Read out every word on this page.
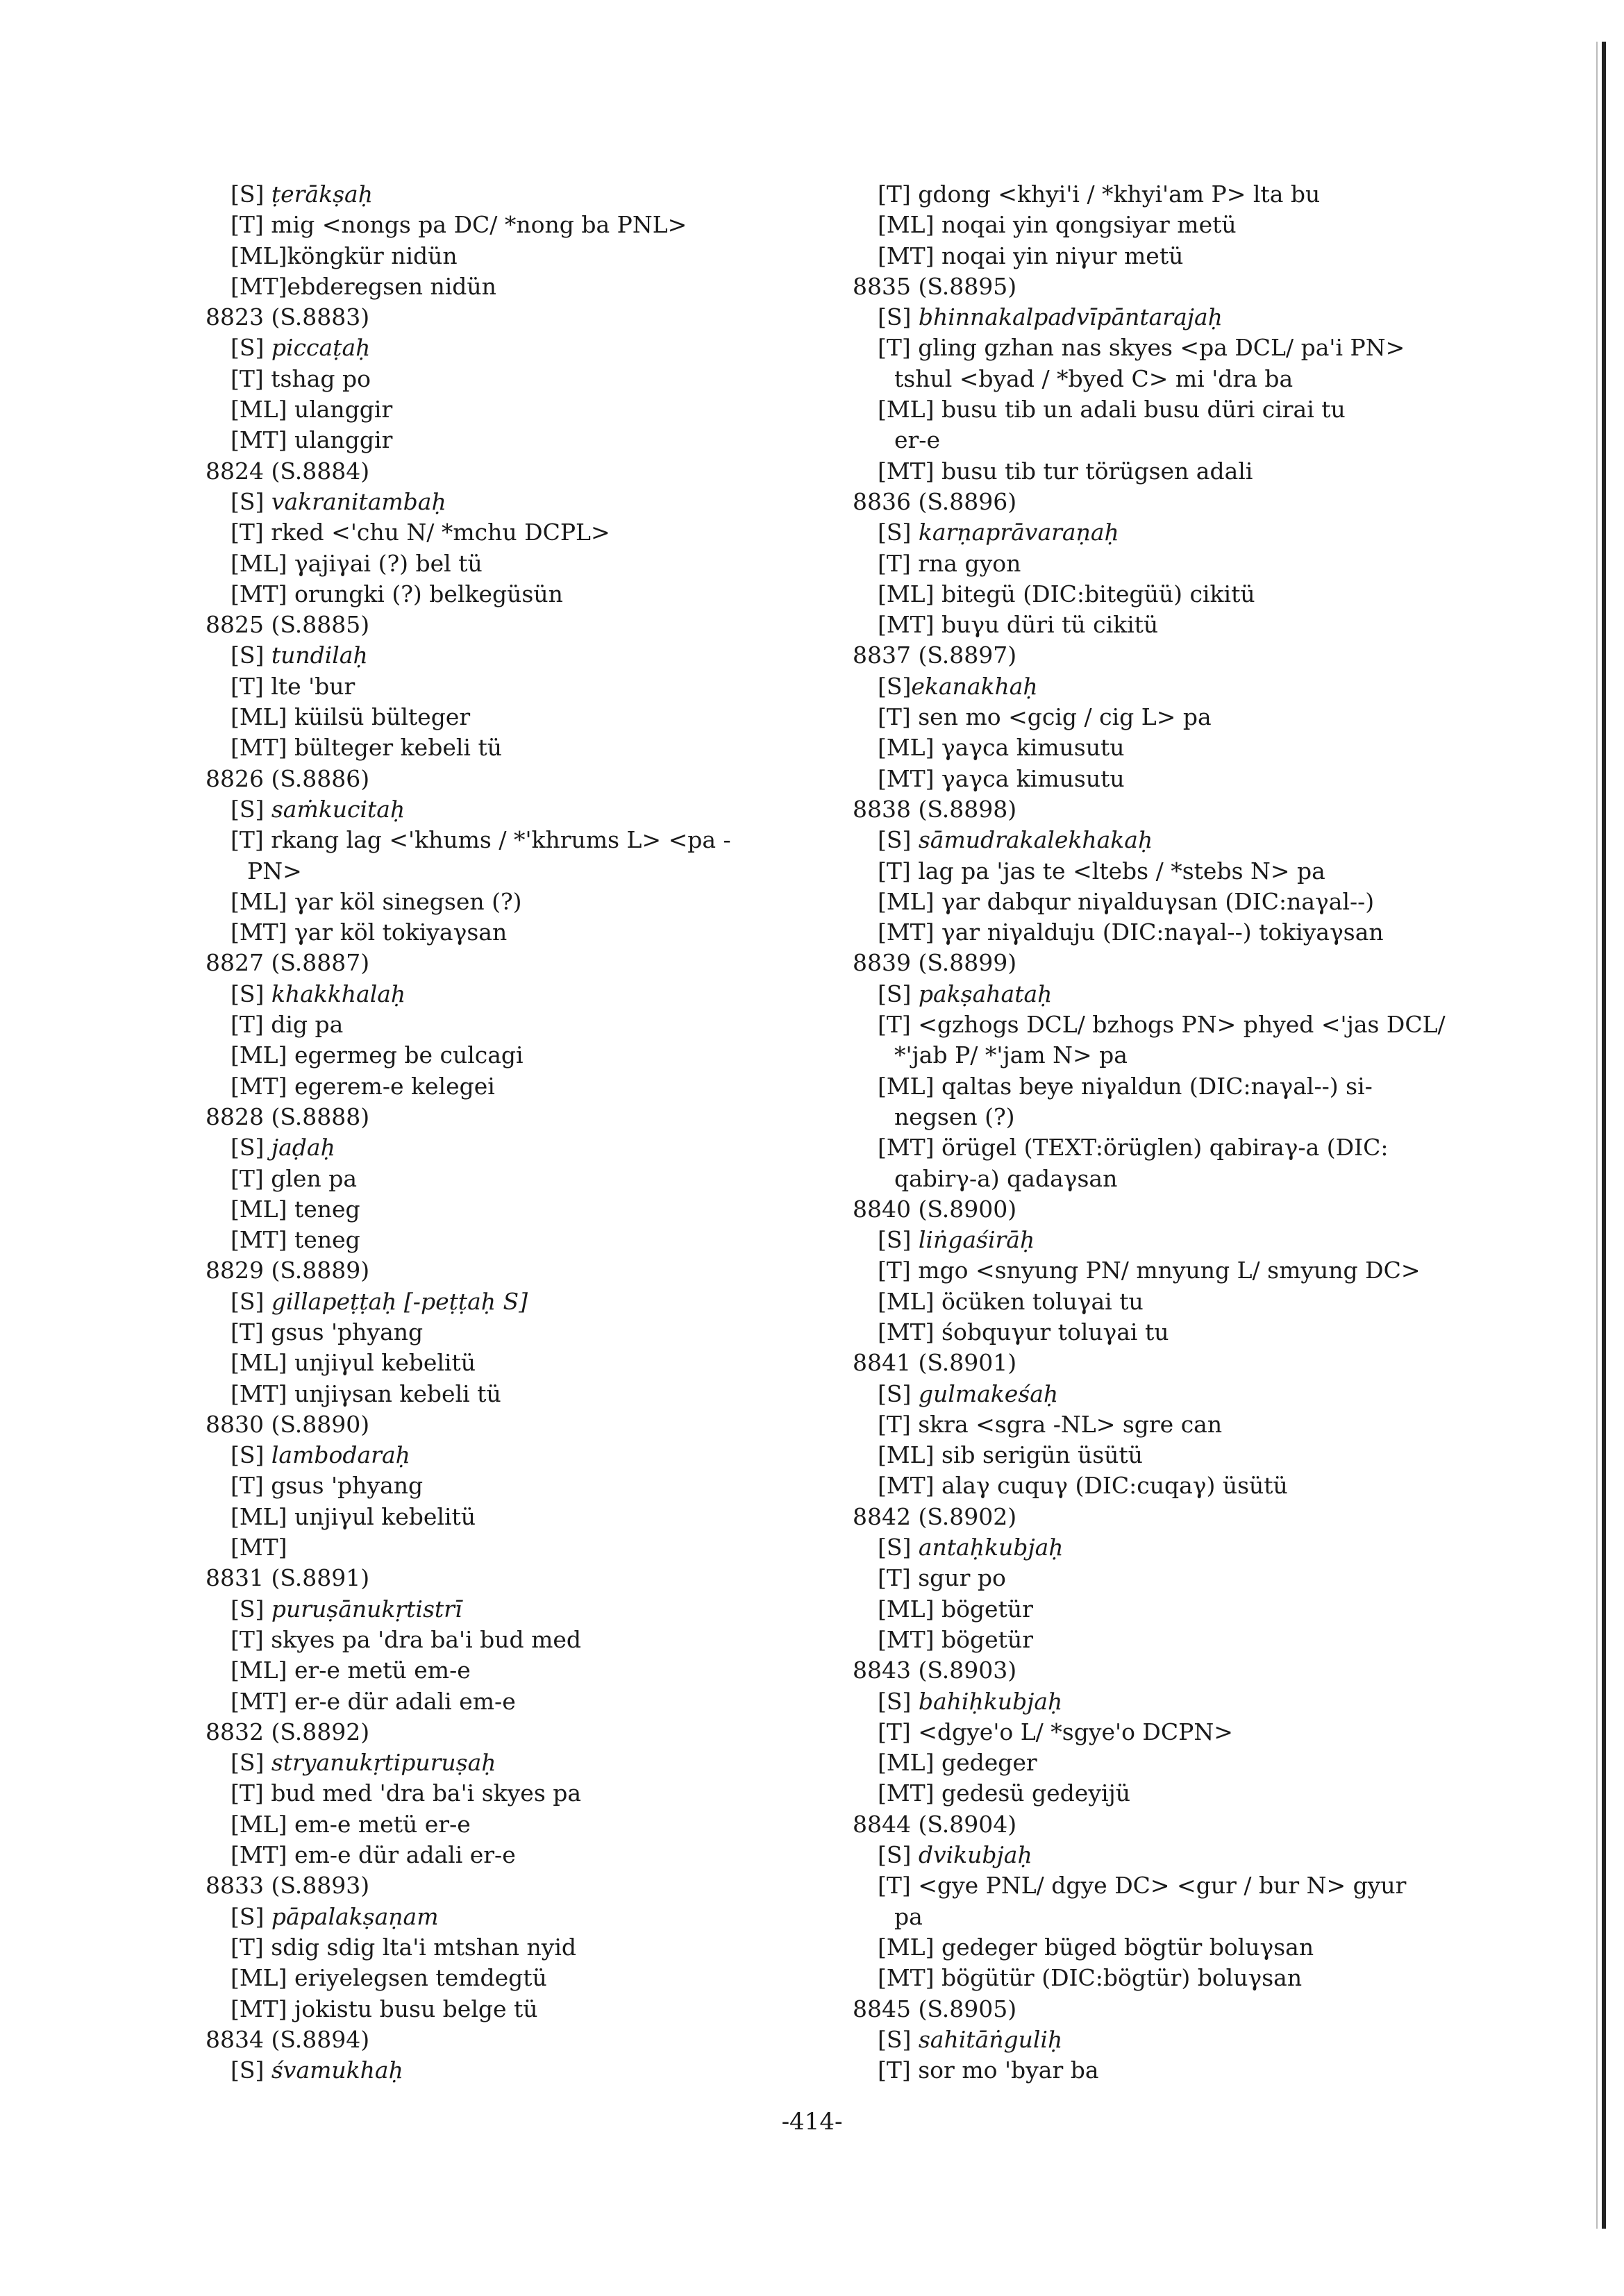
[S] ṭerākṣaḥ
[T] mig <nongs pa DC/ *nong ba PNL>
[ML]köngkür nidün
[MT]ebderegsen nidün
8823 (S.8883)
[S] piccaṭaḥ
[T] tshag po
[ML] ulanggir
[MT] ulanggir
8824 (S.8884)
[S] vakranitambaḥ
[T] rked <'chu N/ *mchu DCPL>
[ML] γajiγai (?) bel tü
[MT] orungki (?) belkegüsün
8825 (S.8885)
[S] tundilaḥ
[T] lte 'bur
[ML] küilsü bülteger
[MT] bülteger kebeli tü
8826 (S.8886)
[S] saṁkucitaḥ
[T] rkang lag <'khums / *'khrums L> <pa -
PN>
[ML] γar köl sinegsen (?)
[MT] γar köl tokiyaγsan
8827 (S.8887)
[S] khakkhalaḥ
[T] dig pa
[ML] egermeg be culcagi
[MT] egerem-e kelegei
8828 (S.8888)
[S] jaḍaḥ
[T] glen pa
[ML] teneg
[MT] teneg
8829 (S.8889)
[S] gillapeṭṭaḥ [-peṭṭaḥ S]
[T] gsus 'phyang
[ML] unjiγul kebelitü
[MT] unjiγsan kebeli tü
8830 (S.8890)
[S] lambodaraḥ
[T] gsus 'phyang
[ML] unjiγul kebelitü
[MT]
8831 (S.8891)
[S] puruṣānukṛtistrī
[T] skyes pa 'dra ba'i bud med
[ML] er-e metü em-e
[MT] er-e dür adali em-e
8832 (S.8892)
[S] stryanukṛtipuruṣaḥ
[T] bud med 'dra ba'i skyes pa
[ML] em-e metü er-e
[MT] em-e dür adali er-e
8833 (S.8893)
[S] pāpalakṣaṇam
[T] sdig sdig lta'i mtshan nyid
[ML] eriyelegsen temdegtü
[MT] jokistu busu belge tü
8834 (S.8894)
[S] śvamukhaḥ
[T] gdong <khyi'i / *khyi'am P> lta bu
[ML] noqai yin qongsiyar metü
[MT] noqai yin niγur metü
8835 (S.8895)
[S] bhinnakalpadvīpāntarajaḥ
[T] gling gzhan nas skyes <pa DCL/ pa'i PN>
tshul <byad / *byed C> mi 'dra ba
[ML] busu tib un adali busu düri cirai tu
er-e
[MT] busu tib tur törügsen adali
8836 (S.8896)
[S] karṇaprāvaraṇaḥ
[T] rna gyon
[ML] bitegü (DIC:bitegüü) cikitü
[MT] buγu düri tü cikitü
8837 (S.8897)
[S]ekanakhaḥ
[T] sen mo <gcig / cig L> pa
[ML] γaγca kimusutu
[MT] γaγca kimusutu
8838 (S.8898)
[S] sāmudrakalekhakaḥ
[T] lag pa 'jas te <ltebs / *stebs N> pa
[ML] γar dabqur niγalduγsan (DIC:naγal--)
[MT] γar niγalduju (DIC:naγal--) tokiyaγsan
8839 (S.8899)
[S] pakṣahataḥ
[T] <gzhogs DCL/ bzhogs PN> phyed <'jas DCL/
*'jab P/ *'jam N> pa
[ML] qaltas beye niγaldun (DIC:naγal--) si-
negsen (?)
[MT] örügel (TEXT:örüglen) qabiraγ-a (DIC:
qabirγ-a) qadaγsan
8840 (S.8900)
[S] liṅgaśirāḥ
[T] mgo <snyung PN/ mnyung L/ smyung DC>
[ML] öcüken toluγai tu
[MT] śobquγur toluγai tu
8841 (S.8901)
[S] gulmakeśaḥ
[T] skra <sgra -NL> sgre can
[ML] sib serigün üsütü
[MT] alaγ cuquγ (DIC:cuqaγ) üsütü
8842 (S.8902)
[S] antaḥkubjaḥ
[T] sgur po
[ML] bögetür
[MT] bögetür
8843 (S.8903)
[S] bahiḥkubjaḥ
[T] <dgye'o L/ *sgye'o DCPN>
[ML] gedeger
[MT] gedesü gedeyijü
8844 (S.8904)
[S] dvikubjaḥ
[T] <gye PNL/ dgye DC> <gur / bur N> gyur
pa
[ML] gedeger büged bögtür boluγsan
[MT] bögütür (DIC:bögtür) boluγsan
8845 (S.8905)
[S] sahitāṅguliḥ
[T] sor mo 'byar ba
-414-
